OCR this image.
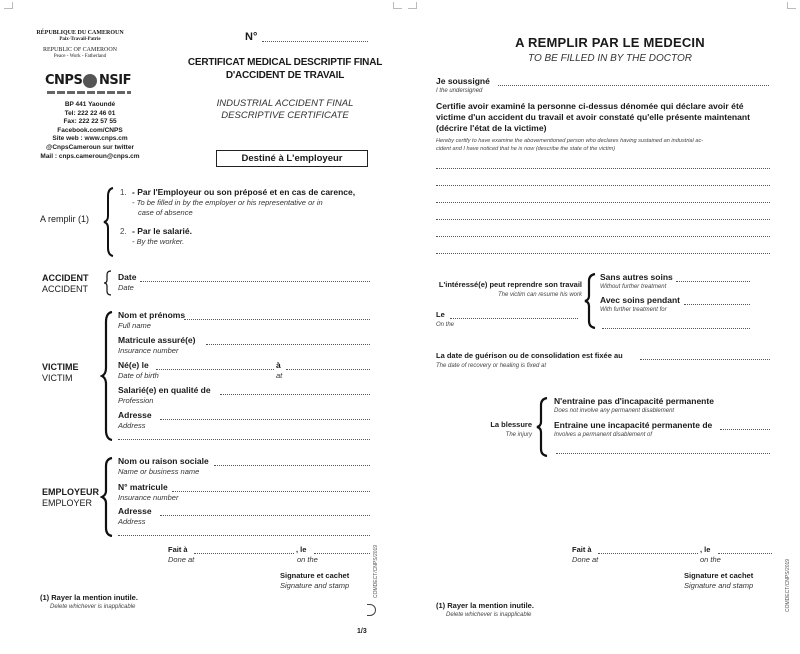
RÉPUBLIQUE DU CAMEROUN
Paix-Travail-Patrie
REPUBLIC OF CAMEROON
Peace - Work - Fatherland
CNPS NSIF
BP 441 Yaoundé
Tel: 222 22 46 01
Fax: 222 22 57 55
Facebook.com/CNPS
Site web : www.cnps.cm
@CnpsCameroun sur twitter
Mail : cnps.cameroun@cnps.cm
N°
CERTIFICAT MEDICAL DESCRIPTIF FINAL
D'ACCIDENT DE TRAVAIL
INDUSTRIAL ACCIDENT FINAL
DESCRIPTIVE CERTIFICATE
Destiné à L'employeur
A remplir (1)
1. - Par l'Employeur ou son préposé et en cas de carence,
- To be filled in by the employer or his representative or in
case of absence
2. - Par le salarié.
- By the worker.
ACCIDENT
ACCIDENT
Date
Date
VICTIME
VICTIM
Nom et prénoms
Full name
Matricule assuré(e)
Insurance number
Né(e) le
Date of birth
à
at
Salarié(e) en qualité de
Profession
Adresse
Address
EMPLOYEUR
EMPLOYER
Nom ou raison sociale
Name or business name
N° matricule
Insurance number
Adresse
Address
Fait à	, le
Done at	on the
Signature et cachet
Signature and stamp
(1) Rayer la mention inutile.
Delete whichever is inapplicable
COMDECT/CNPS/2019
1/3
A REMPLIR PAR LE MEDECIN
TO BE FILLED IN BY THE DOCTOR
Je soussigné
I the undersigned
Certifie avoir examiné la personne ci-dessus dénomée qui déclare avoir été
victime d'un accident du travail et avoir constaté qu'elle présente maintenant
(décrire l'état de la victime)
Hereby certify to have examine the abovementioned person who declares having sustained an industrial ac-
cident and I have noticed that he is now (describe the state of the victim)
L'intéressé(e) peut reprendre son travail
The victim can resume his work
Sans autres soins
Without further treatment
Avec soins pendant
With further treatment for
Le
On the
La date de guérison ou de consolidation est fixée au
The date of recovery or healing is fixed at
La blessure
The injury
N'entraine pas d'incapacité permanente
Does not involve any permanent disablement
Entraine une incapacité permanente de
Involves a permanent disablement of
Fait à	, le
Done at	on the
Signature et cachet
Signature and stamp
(1) Rayer la mention inutile.
Delete whichever is inapplicable
COMDECT/CNPS/2019
